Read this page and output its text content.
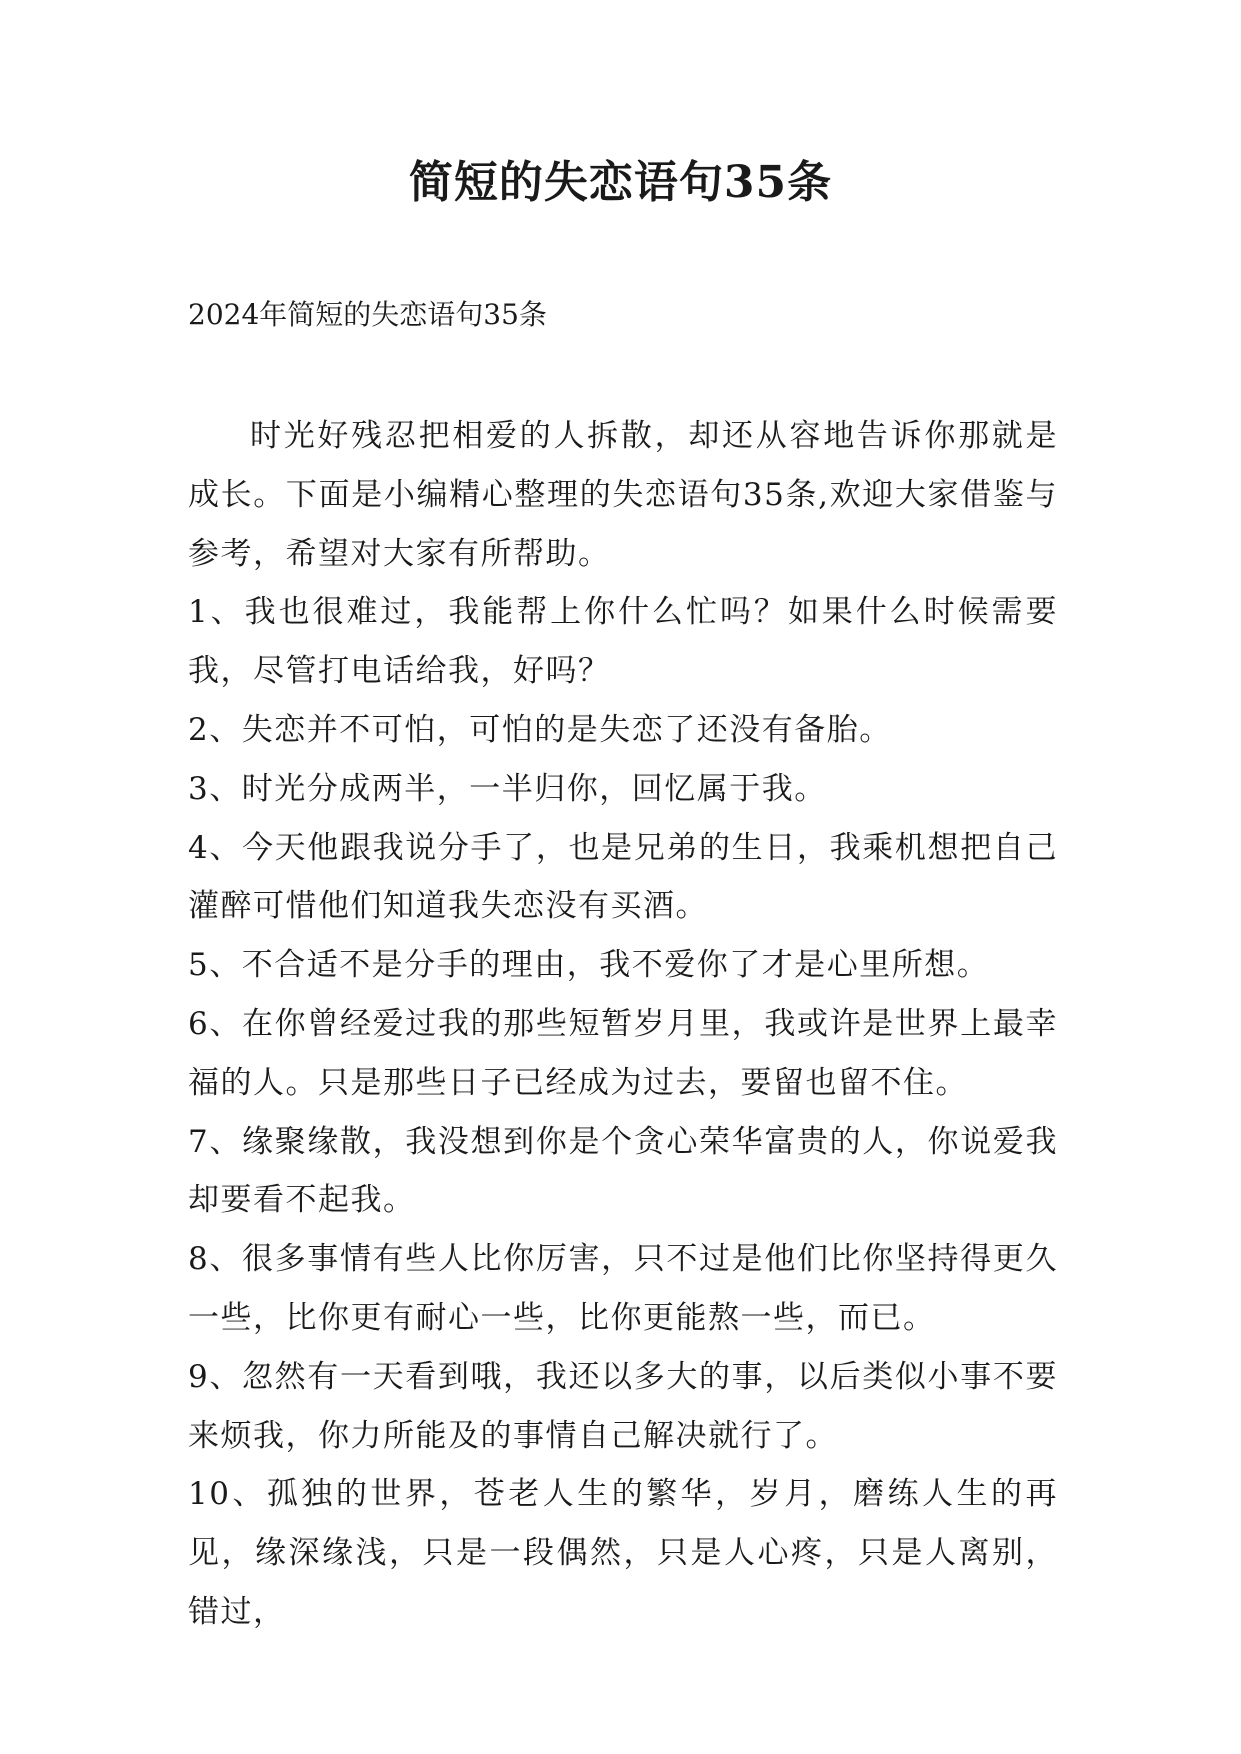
简短的失恋语句35条

2024年简短的失恋语句35条

时光好残忍把相爱的人拆散，却还从容地告诉你那就是成长。下面是小编精心整理的失恋语句35条,欢迎大家借鉴与参考，希望对大家有所帮助。

1、我也很难过，我能帮上你什么忙吗？如果什么时候需要我，尽管打电话给我，好吗？

2、失恋并不可怕，可怕的是失恋了还没有备胎。

3、时光分成两半，一半归你，回忆属于我。

4、今天他跟我说分手了，也是兄弟的生日，我乘机想把自己灌醉可惜他们知道我失恋没有买酒。

5、不合适不是分手的理由，我不爱你了才是心里所想。

6、在你曾经爱过我的那些短暂岁月里，我或许是世界上最幸福的人。只是那些日子已经成为过去，要留也留不住。

7、缘聚缘散，我没想到你是个贪心荣华富贵的人，你说爱我却要看不起我。

8、很多事情有些人比你厉害，只不过是他们比你坚持得更久一些，比你更有耐心一些，比你更能熬一些，而已。

9、忽然有一天看到哦，我还以多大的事，以后类似小事不要来烦我，你力所能及的事情自己解决就行了。

10、孤独的世界，苍老人生的繁华，岁月，磨练人生的再见，缘深缘浅，只是一段偶然，只是人心疼，只是人离别，错过，
